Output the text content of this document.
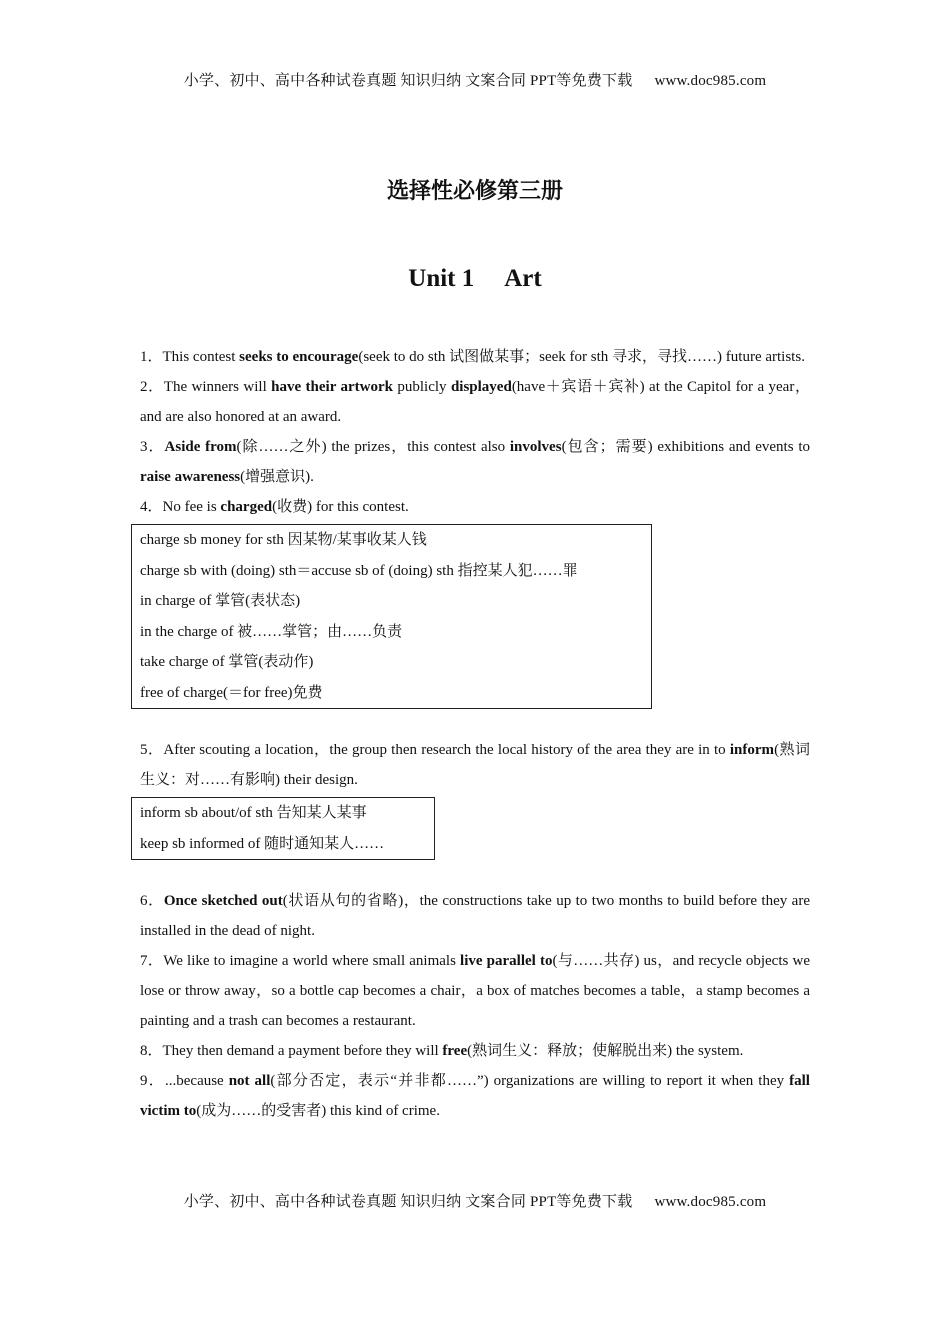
小学、初中、高中各种试卷真题 知识归纳 文案合同 PPT等免费下载 www.doc985.com
选择性必修第三册
Unit 1 Art

1．This contest seeks to encourage(seek to do sth 试图做某事；seek for sth 寻求，寻找……) future artists.

2．The winners will have their artwork publicly displayed(have＋宾语＋宾补) at the Capitol for a year，and are also honored at an award.

3．Aside from(除……之外) the prizes，this contest also involves(包含；需要) exhibitions and events to raise awareness(增强意识).

4．No fee is charged(收费) for this contest.

charge sb money for sth 因某物/某事收某人钱
charge sb with (doing) sth＝accuse sb of (doing) sth 指控某人犯……罪
in charge of 掌管(表状态)
in the charge of 被……掌管；由……负责
take charge of 掌管(表动作)
free of charge(＝for free)免费

5．After scouting a location，the group then research the local history of the area they are in to inform(熟词生义：对……有影响) their design.

inform sb about/of sth 告知某人某事
keep sb informed of 随时通知某人……

6．Once sketched out(状语从句的省略)，the constructions take up to two months to build before they are installed in the dead of night.

7．We like to imagine a world where small animals live parallel to(与……共存) us，and recycle objects we lose or throw away，so a bottle cap becomes a chair，a box of matches becomes a table，a stamp becomes a painting and a trash can becomes a restaurant.

8．They then demand a payment before they will free(熟词生义：释放；使解脱出来) the system.

9．...because not all(部分否定，表示“并非都……”) organizations are willing to report it when they fall victim to(成为……的受害者) this kind of crime.

小学、初中、高中各种试卷真题 知识归纳 文案合同 PPT等免费下载 www.doc985.com
